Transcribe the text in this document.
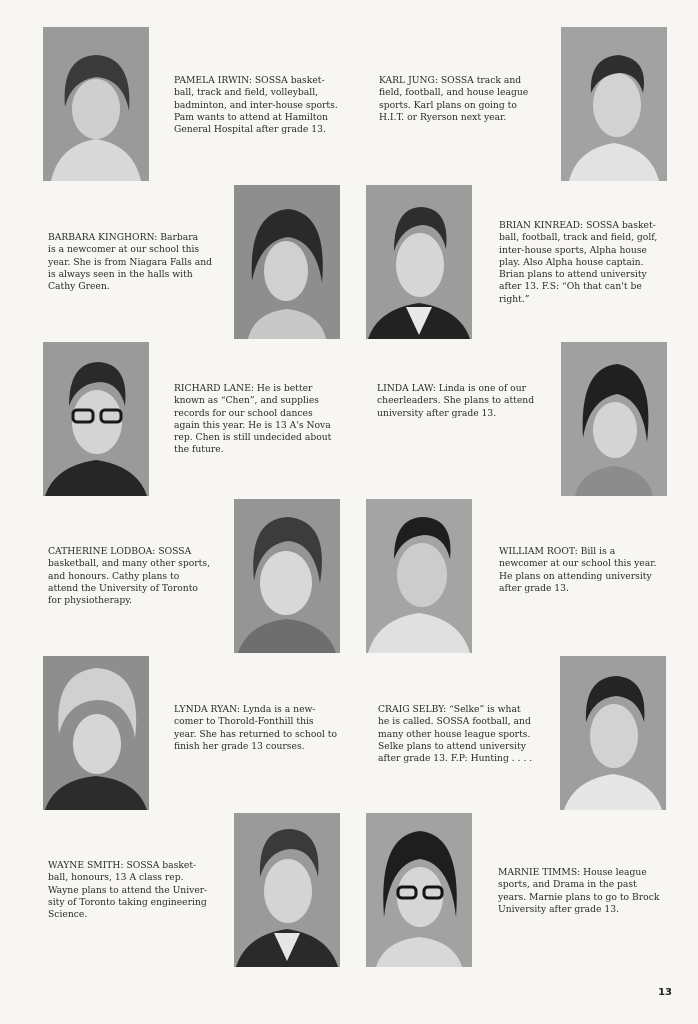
PAMELA IRWIN: SOSSA basket-
ball, track and field, volleyball,
badminton, and inter-house sports.
Pam wants to attend at Hamilton
General Hospital after grade 13.
KARL JUNG: SOSSA track and
field, football, and house league
sports. Karl plans on going to
H.I.T. or Ryerson next year.
BARBARA KINGHORN: Barbara
is a newcomer at our school this
year. She is from Niagara Falls and
is always seen in the halls with
Cathy Green.
BRIAN KINREAD: SOSSA basket-
ball, football, track and field, golf,
inter-house sports, Alpha house
play. Also Alpha house captain.
Brian plans to attend university
after 13. F.S: “Oh that can't be
right.”
RICHARD LANE: He is better
known as “Chen”, and supplies
records for our school dances
again this year. He is 13 A's Nova
rep. Chen is still undecided about
the future.
LINDA LAW: Linda is one of our
cheerleaders. She plans to attend
university after grade 13.
CATHERINE LODBOA: SOSSA
basketball, and many other sports,
and honours. Cathy plans to
attend the University of Toronto
for physiotherapy.
WILLIAM ROOT: Bill is a
newcomer at our school this year.
He plans on attending university
after grade 13.
LYNDA RYAN: Lynda is a new-
comer to Thorold-Fonthill this
year. She has returned to school to
finish her grade 13 courses.
CRAIG SELBY: “Selke” is what
he is called. SOSSA football, and
many other house league sports.
Selke plans to attend university
after grade 13. F.P: Hunting . . . .
WAYNE SMITH: SOSSA basket-
ball, honours, 13 A class rep.
Wayne plans to attend the Univer-
sity of Toronto taking engineering
Science.
MARNIE TIMMS: House league
sports, and Drama in the past
years. Marnie plans to go to Brock
University after grade 13.
13
